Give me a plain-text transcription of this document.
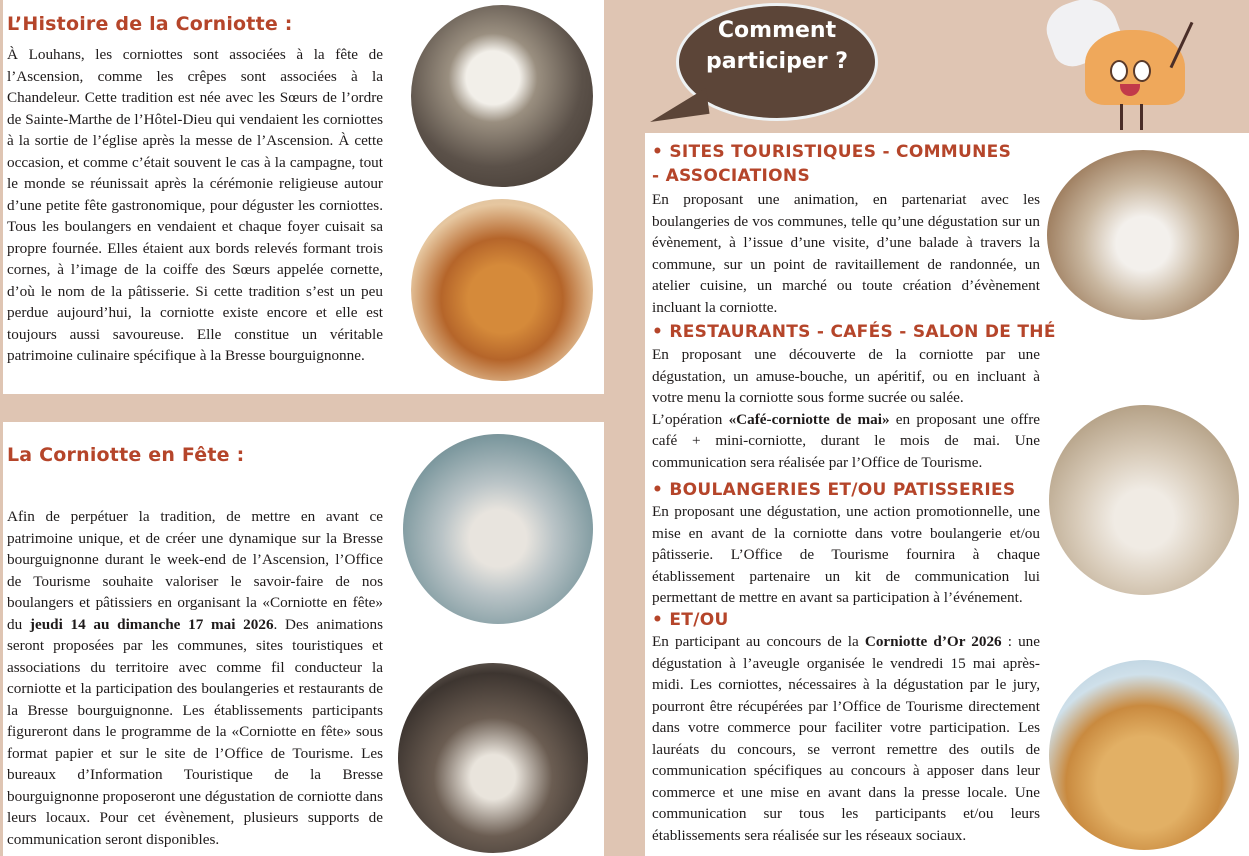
L’Histoire de la Corniotte :

À Louhans, les corniottes sont associées à la fête de l’Ascension, comme les crêpes sont associées à la Chandeleur. Cette tradition est née avec les Sœurs de l’ordre de Sainte-Marthe de l’Hôtel-Dieu qui vendaient les corniottes à la sortie de l’église après la messe de l’Ascension. À cette occasion, et comme c’était souvent le cas à la campagne, tout le monde se réunissait après la cérémonie religieuse autour d’une petite fête gastronomique, pour déguster les corniottes. Tous les boulangers en vendaient et chaque foyer cuisait sa propre fournée. Elles étaient aux bords relevés formant trois cornes, à l’image de la coiffe des Sœurs appelée cornette, d’où le nom de la pâtisserie. Si cette tradition s’est un peu perdue aujourd’hui, la corniotte existe encore et elle est toujours aussi savoureuse. Elle constitue un véritable patrimoine culinaire spécifique à la Bresse bourguignonne.

La Corniotte en Fête :

Afin de perpétuer la tradition, de mettre en avant ce patrimoine unique, et de créer une dynamique sur la Bresse bourguignonne durant le week-end de l’Ascension, l’Office de Tourisme souhaite valoriser le savoir-faire de nos boulangers et pâtissiers en organisant la «Corniotte en fête» du jeudi 14 au dimanche 17 mai 2026. Des animations seront proposées par les communes, sites touristiques et associations du territoire avec comme fil conducteur la corniotte et la participation des boulangeries et restaurants de la Bresse bourguignonne. Les établissements participants figureront dans le programme de la «Corniotte en fête» sous format papier et sur le site de l’Office de Tourisme. Les bureaux d’Information Touristique de la Bresse bourguignonne proposeront une dégustation de corniotte dans leurs locaux. Pour cet évènement, plusieurs supports de communication seront disponibles.

Comment
participer ?
• SITES TOURISTIQUES - COMMUNES - ASSOCIATIONS

En proposant une animation, en partenariat avec les boulangeries de vos communes, telle qu’une dégustation sur un évènement, à l’issue d’une visite, d’une balade à travers la commune, sur un point de ravitaillement de randonnée, un atelier cuisine, un marché ou toute création d’évènement incluant la corniotte.

• RESTAURANTS - CAFÉS - SALON DE THÉ

En proposant une découverte de la corniotte par une dégustation, un amuse-bouche, un apéritif, ou en incluant à votre menu la corniotte sous forme sucrée ou salée.
L’opération «Café-corniotte de mai» en proposant une offre café + mini-corniotte, durant le mois de mai. Une communication sera réalisée par l’Office de Tourisme.

• BOULANGERIES ET/OU PATISSERIES

En proposant une dégustation, une action promotionnelle, une mise en avant de la corniotte dans votre boulangerie et/ou pâtisserie. L’Office de Tourisme fournira à chaque établissement partenaire un kit de communication lui permettant de mettre en avant sa participation à l’événement.

• ET/OU

En participant au concours de la Corniotte d’Or 2026 : une dégustation à l’aveugle organisée le vendredi 15 mai après-midi. Les corniottes, nécessaires à la dégustation par le jury, pourront être récupérées par l’Office de Tourisme directement dans votre commerce pour faciliter votre participation. Les lauréats du concours, se verront remettre des outils de communication spécifiques au concours à apposer dans leur commerce et une mise en avant dans la presse locale. Une communication sur tous les participants et/ou leurs établissements sera réalisée sur les réseaux sociaux.
